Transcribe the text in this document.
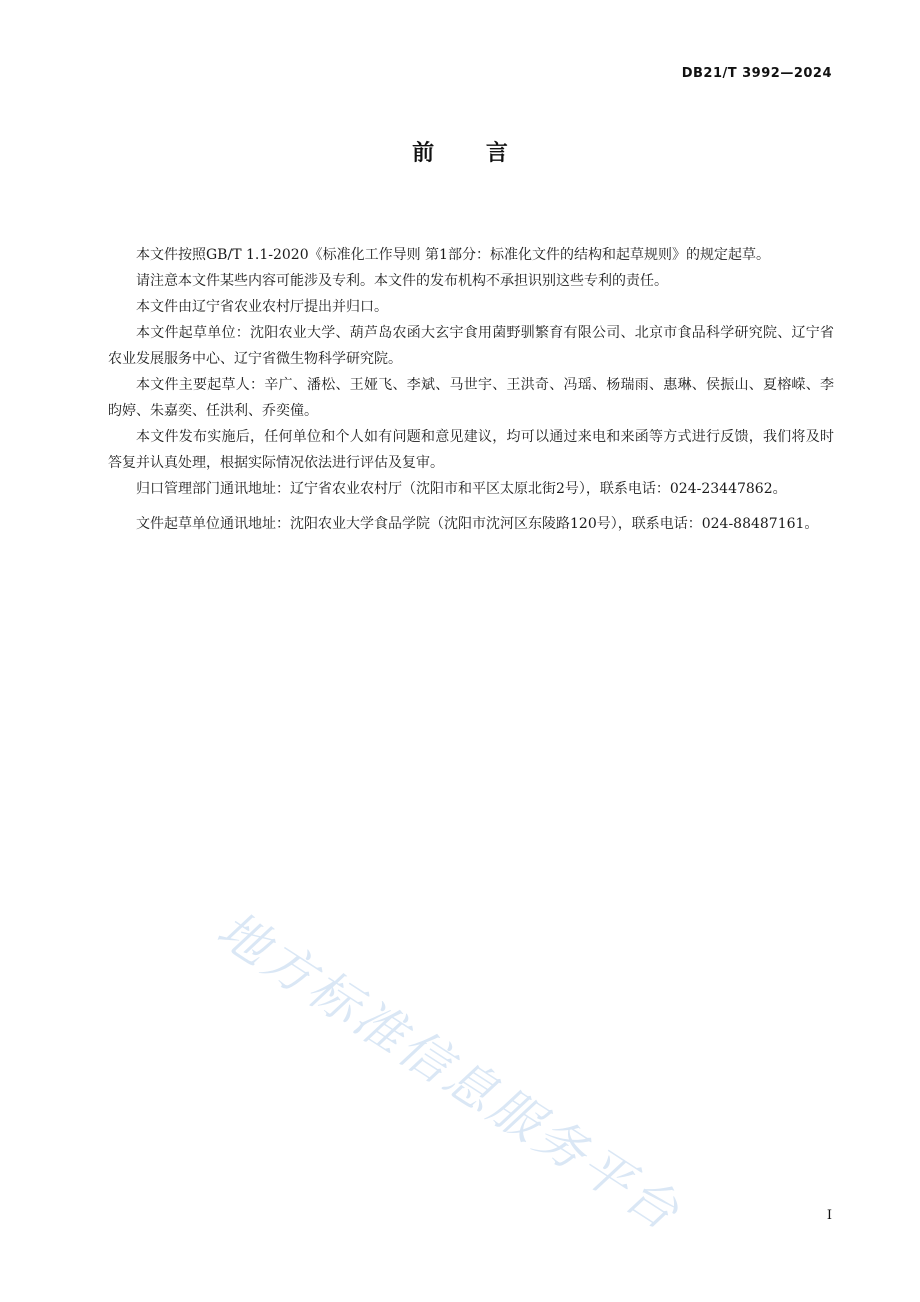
DB21/T 3992—2024
前 言

本文件按照GB/T 1.1-2020《标准化工作导则 第1部分：标准化文件的结构和起草规则》的规定起草。

请注意本文件某些内容可能涉及专利。本文件的发布机构不承担识别这些专利的责任。

本文件由辽宁省农业农村厅提出并归口。

本文件起草单位：沈阳农业大学、葫芦岛农函大玄宇食用菌野驯繁育有限公司、北京市食品科学研究院、辽宁省农业发展服务中心、辽宁省微生物科学研究院。

本文件主要起草人：辛广、潘松、王娅飞、李斌、马世宇、王洪奇、冯瑶、杨瑞雨、惠琳、侯振山、夏榕嵘、李昀婷、朱嘉奕、任洪利、乔奕僮。

本文件发布实施后，任何单位和个人如有问题和意见建议，均可以通过来电和来函等方式进行反馈，我们将及时答复并认真处理，根据实际情况依法进行评估及复审。

归口管理部门通讯地址：辽宁省农业农村厅（沈阳市和平区太原北街2号），联系电话：024-23447862。

文件起草单位通讯地址：沈阳农业大学食品学院（沈阳市沈河区东陵路120号），联系电话：024-88487161。

地方标准信息服务平台	I
